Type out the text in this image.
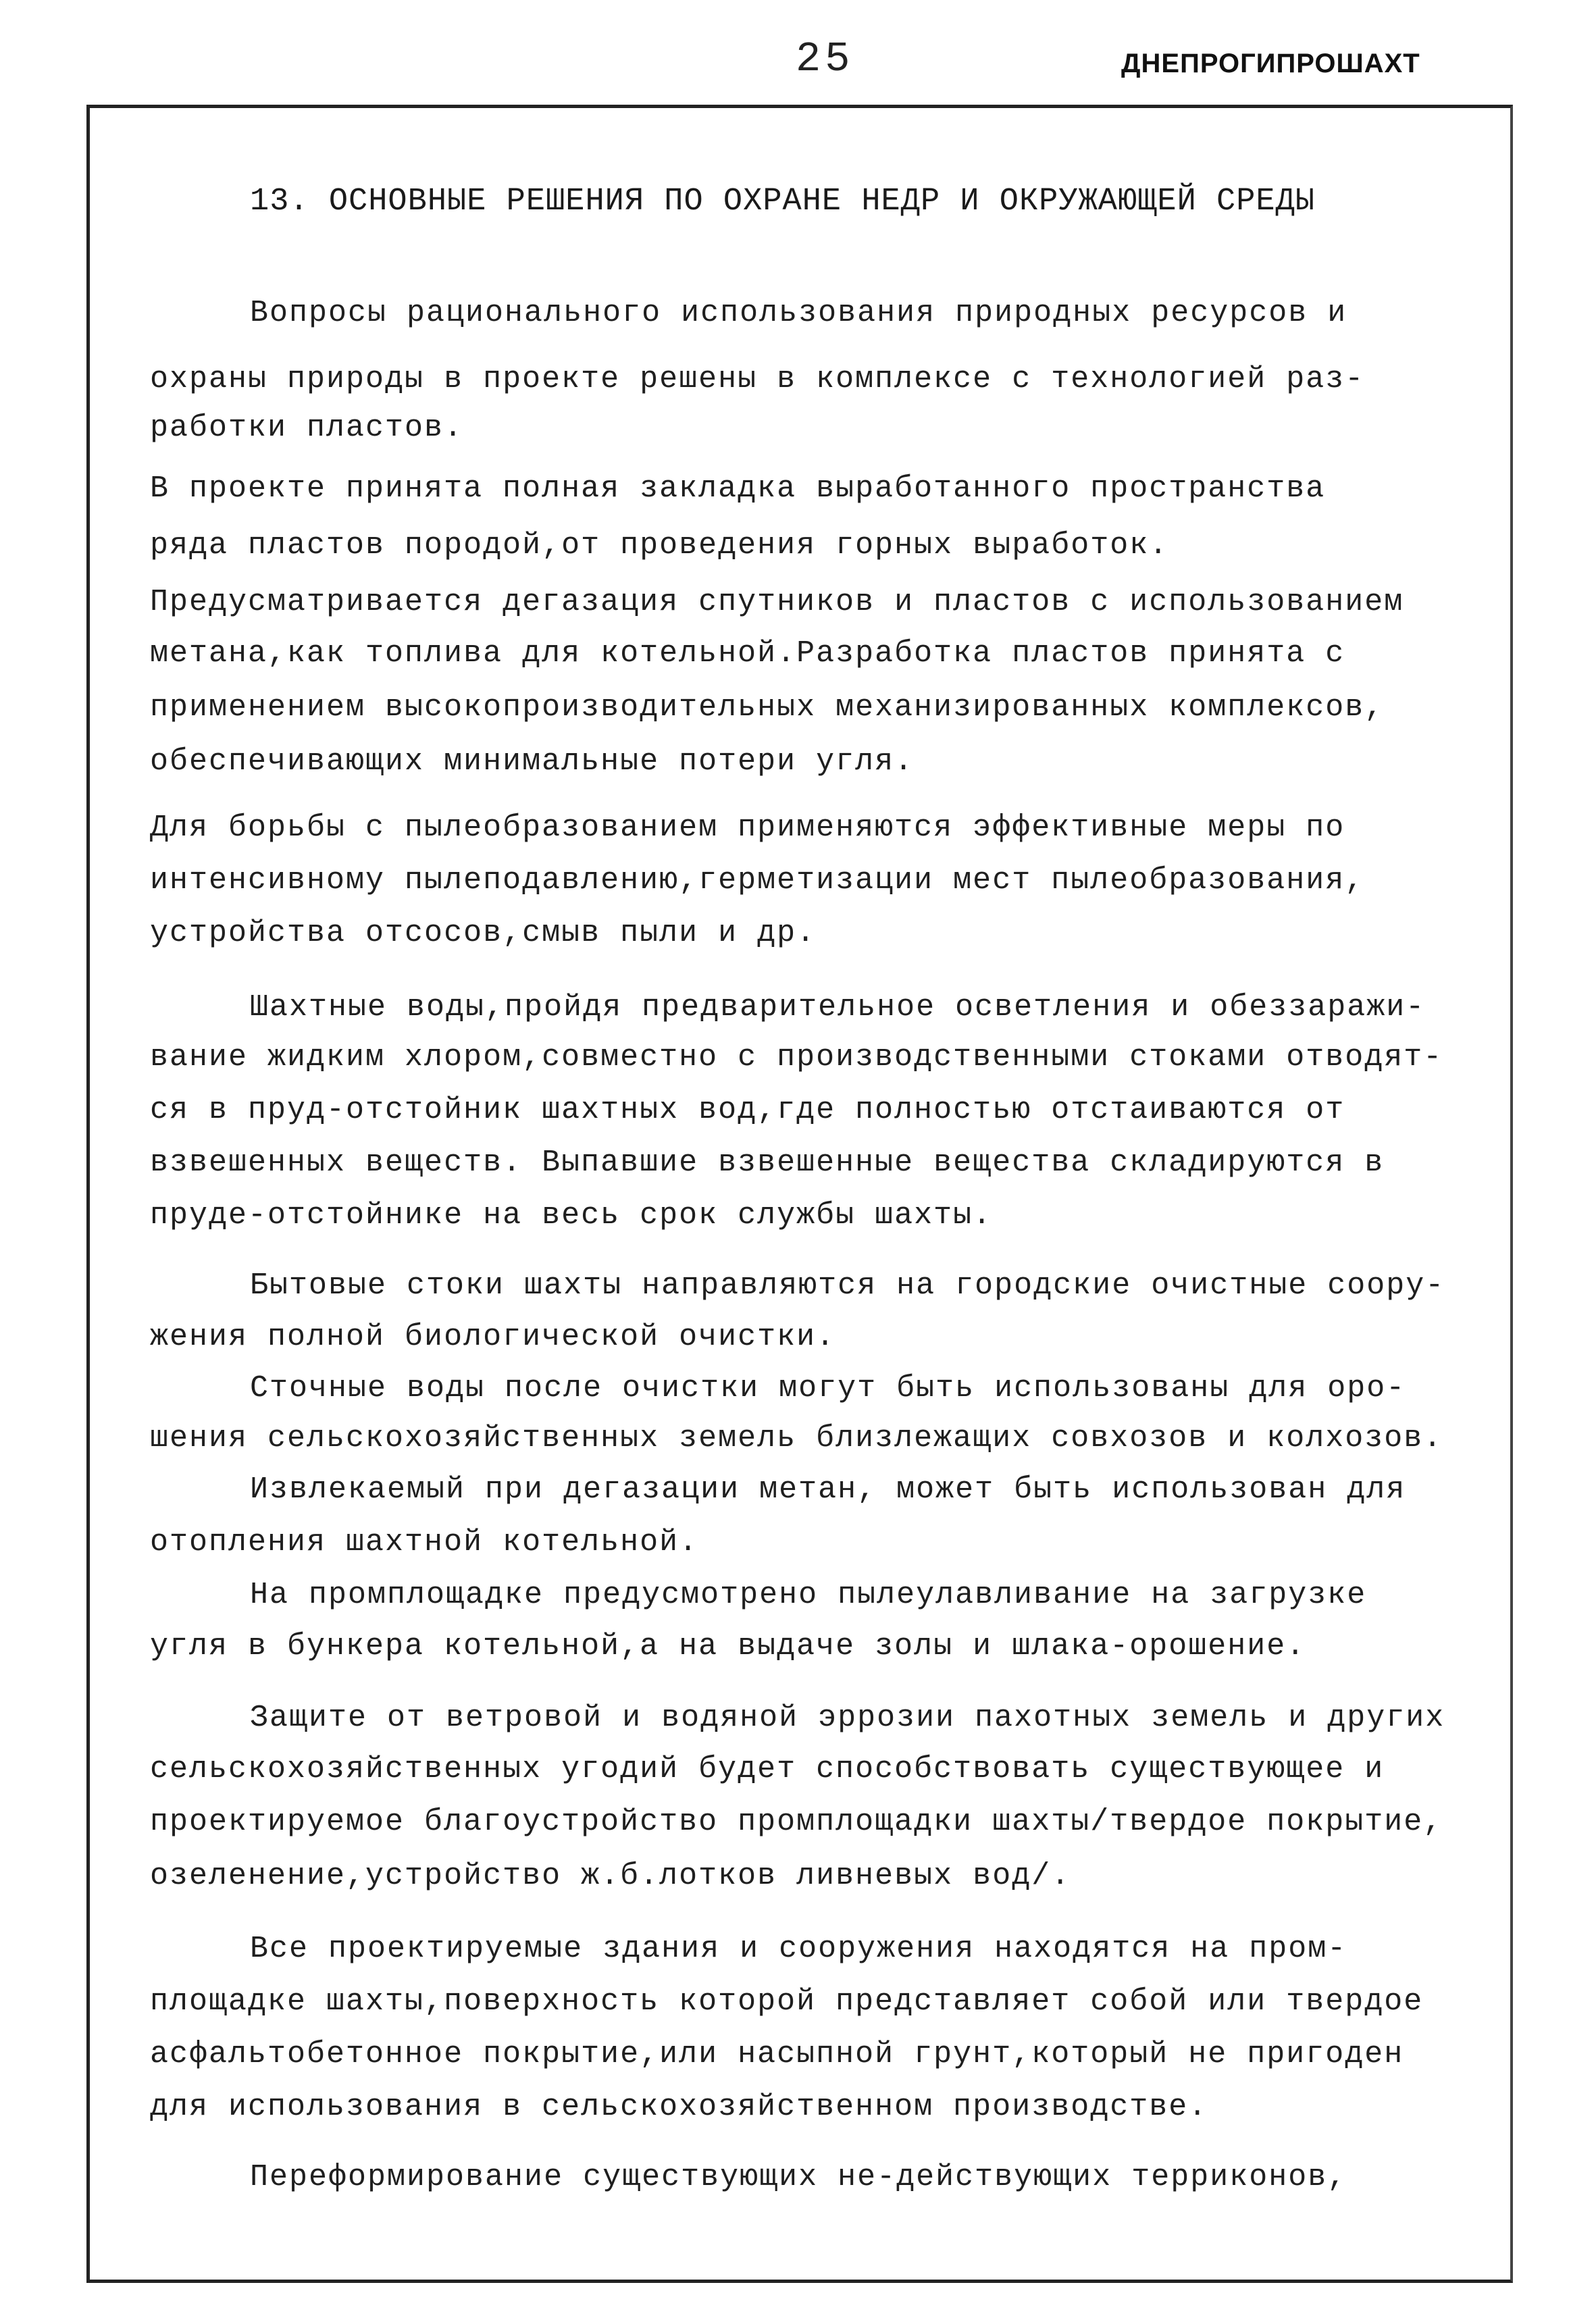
25	ДНЕПРОГИПРОШАХТ
13. ОСНОВНЫЕ РЕШЕНИЯ ПО ОХРАНЕ НЕДР И ОКРУЖАЮЩЕЙ СРЕДЫ
Вопросы рационального использования природных ресурсов и
охраны природы в проекте решены в комплексе с технологией раз-
работки пластов.
В проекте принята полная закладка выработанного пространства
ряда пластов породой,от проведения горных выработок.
Предусматривается дегазация спутников и пластов с использованием
метана,как топлива для котельной.Разработка пластов принята с
применением высокопроизводительных механизированных комплексов,
обеспечивающих минимальные потери угля.
Для борьбы с пылеобразованием применяются эффективные меры по
интенсивному пылеподавлению,герметизации мест пылеобразования,
устройства отсосов,смыв пыли и др.
Шахтные воды,пройдя предварительное осветления и обеззарaжи-
вание жидким хлором,совместно с производственными стоками отводят-
ся в пруд-отстойник шахтных вод,где полностью отстаиваются от
взвешенных веществ. Выпавшие взвешенные вещества складируются в
пруде-отстойнике на весь срок службы шахты.
Бытовые стоки шахты направляются на городские очистные соору-
жения полной биологической очистки.
Сточные воды после очистки могут быть использованы для оро-
шения сельскохозяйственных земель близлежащих совхозов и колхозов.
Извлекаемый при дегазации метан, может быть использован для
отопления шахтной котельной.
На промплощадке предусмотрено пылеулавливание на загрузке
угля в бункера котельной,а на выдаче золы и шлака-орошение.
Защите от ветровой и водяной эррозии пахотных земель и других
сельскохозяйственных угодий будет способствовать существующее и
проектируемое благоустройство промплощадки шахты/твердое покрытие,
озеленение,устройство ж.б.лотков ливневых вод/.
Все проектируемые здания и сооружения находятся на пром-
площадке шахты,поверхность которой представляет собой или твердое
асфальтобетонное покрытие,или насыпной грунт,который не пригоден
для использования в сельскохозяйственном производстве.
Переформирование существующих не-действующих терриконов,
